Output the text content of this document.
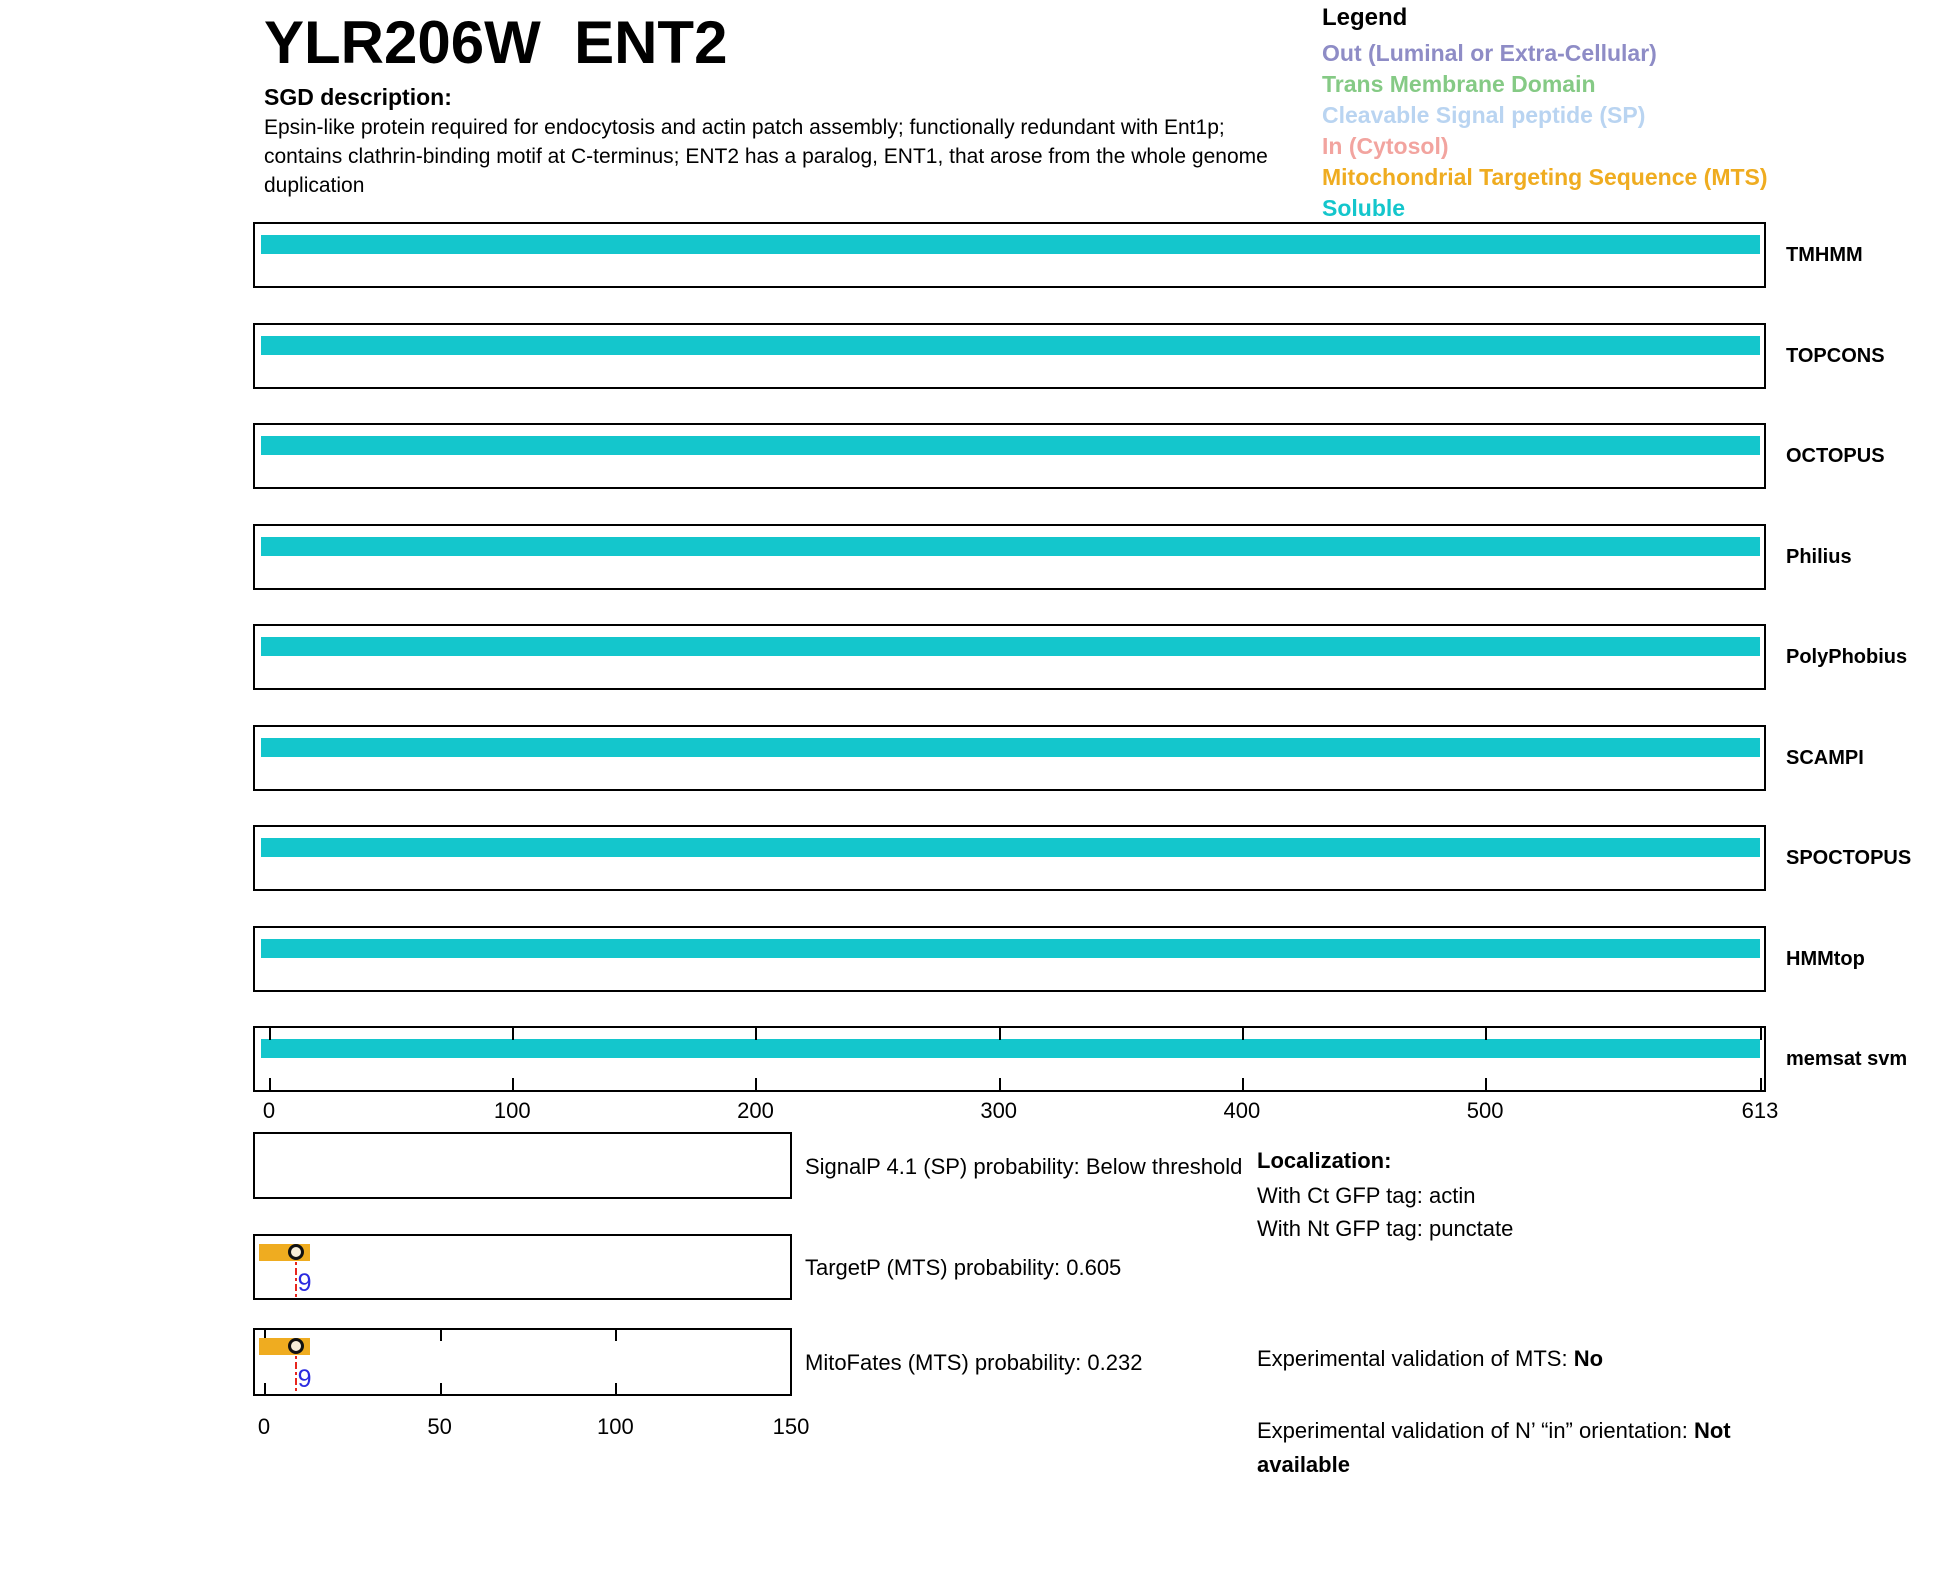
YLR206W  ENT2
SGD description:
Epsin-like protein required for endocytosis and actin patch assembly; functionally redundant with Ent1p;
contains clathrin-binding motif at C-terminus; ENT2 has a paralog, ENT1, that arose from the whole genome
duplication
Legend
Out (Luminal or Extra-Cellular)
Trans Membrane Domain
Cleavable Signal peptide (SP)
In (Cytosol)
Mitochondrial Targeting Sequence (MTS)
Soluble
TMHMM
TOPCONS
OCTOPUS
Philius
PolyPhobius
SCAMPI
SPOCTOPUS
HMMtop
memsat svm
0	100	200	300	400	500	613
SignalP 4.1 (SP) probability: Below threshold
9
TargetP (MTS) probability: 0.605
9
MitoFates (MTS) probability: 0.232
0	50	100	150
Localization:
With Ct GFP tag: actin
With Nt GFP tag: punctate
Experimental validation of MTS: No
Experimental validation of N’ “in” orientation: Not
available
